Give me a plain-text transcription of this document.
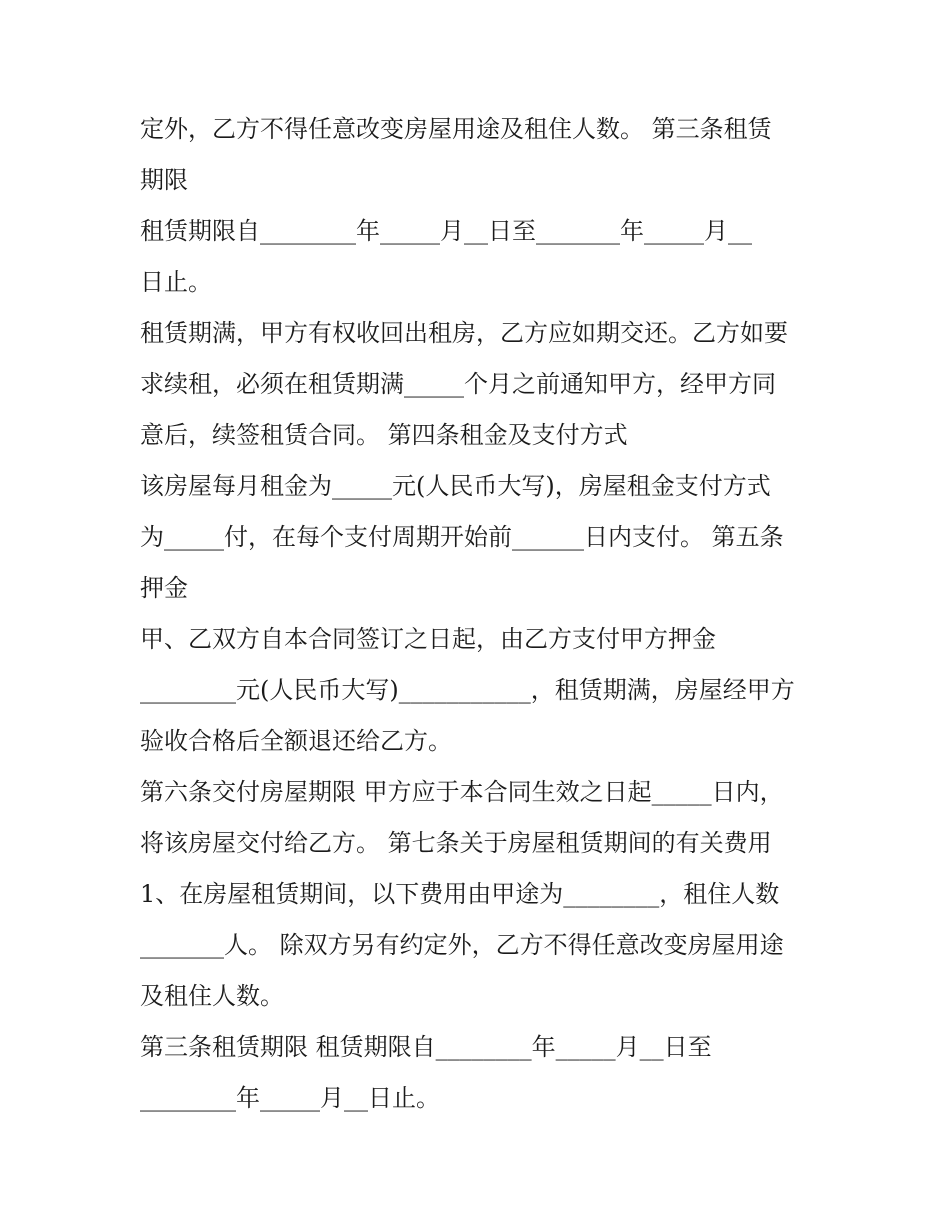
定外，乙方不得任意改变房屋用途及租住人数。 第三条租赁
期限
租赁期限自________年_____月__日至_______年_____月__
日止。
租赁期满，甲方有权收回出租房，乙方应如期交还。乙方如要
求续租，必须在租赁期满_____个月之前通知甲方，经甲方同
意后，续签租赁合同。 第四条租金及支付方式
该房屋每月租金为_____元(人民币大写)，房屋租金支付方式
为_____付，在每个支付周期开始前______日内支付。 第五条
押金
甲、乙双方自本合同签订之日起，由乙方支付甲方押金
________元(人民币大写)___________，租赁期满，房屋经甲方
验收合格后全额退还给乙方。
第六条交付房屋期限 甲方应于本合同生效之日起_____日内，
将该房屋交付给乙方。 第七条关于房屋租赁期间的有关费用
1、在房屋租赁期间，以下费用由甲途为________，租住人数
_______人。 除双方另有约定外，乙方不得任意改变房屋用途
及租住人数。
第三条租赁期限 租赁期限自________年_____月__日至
________年_____月__日止。
